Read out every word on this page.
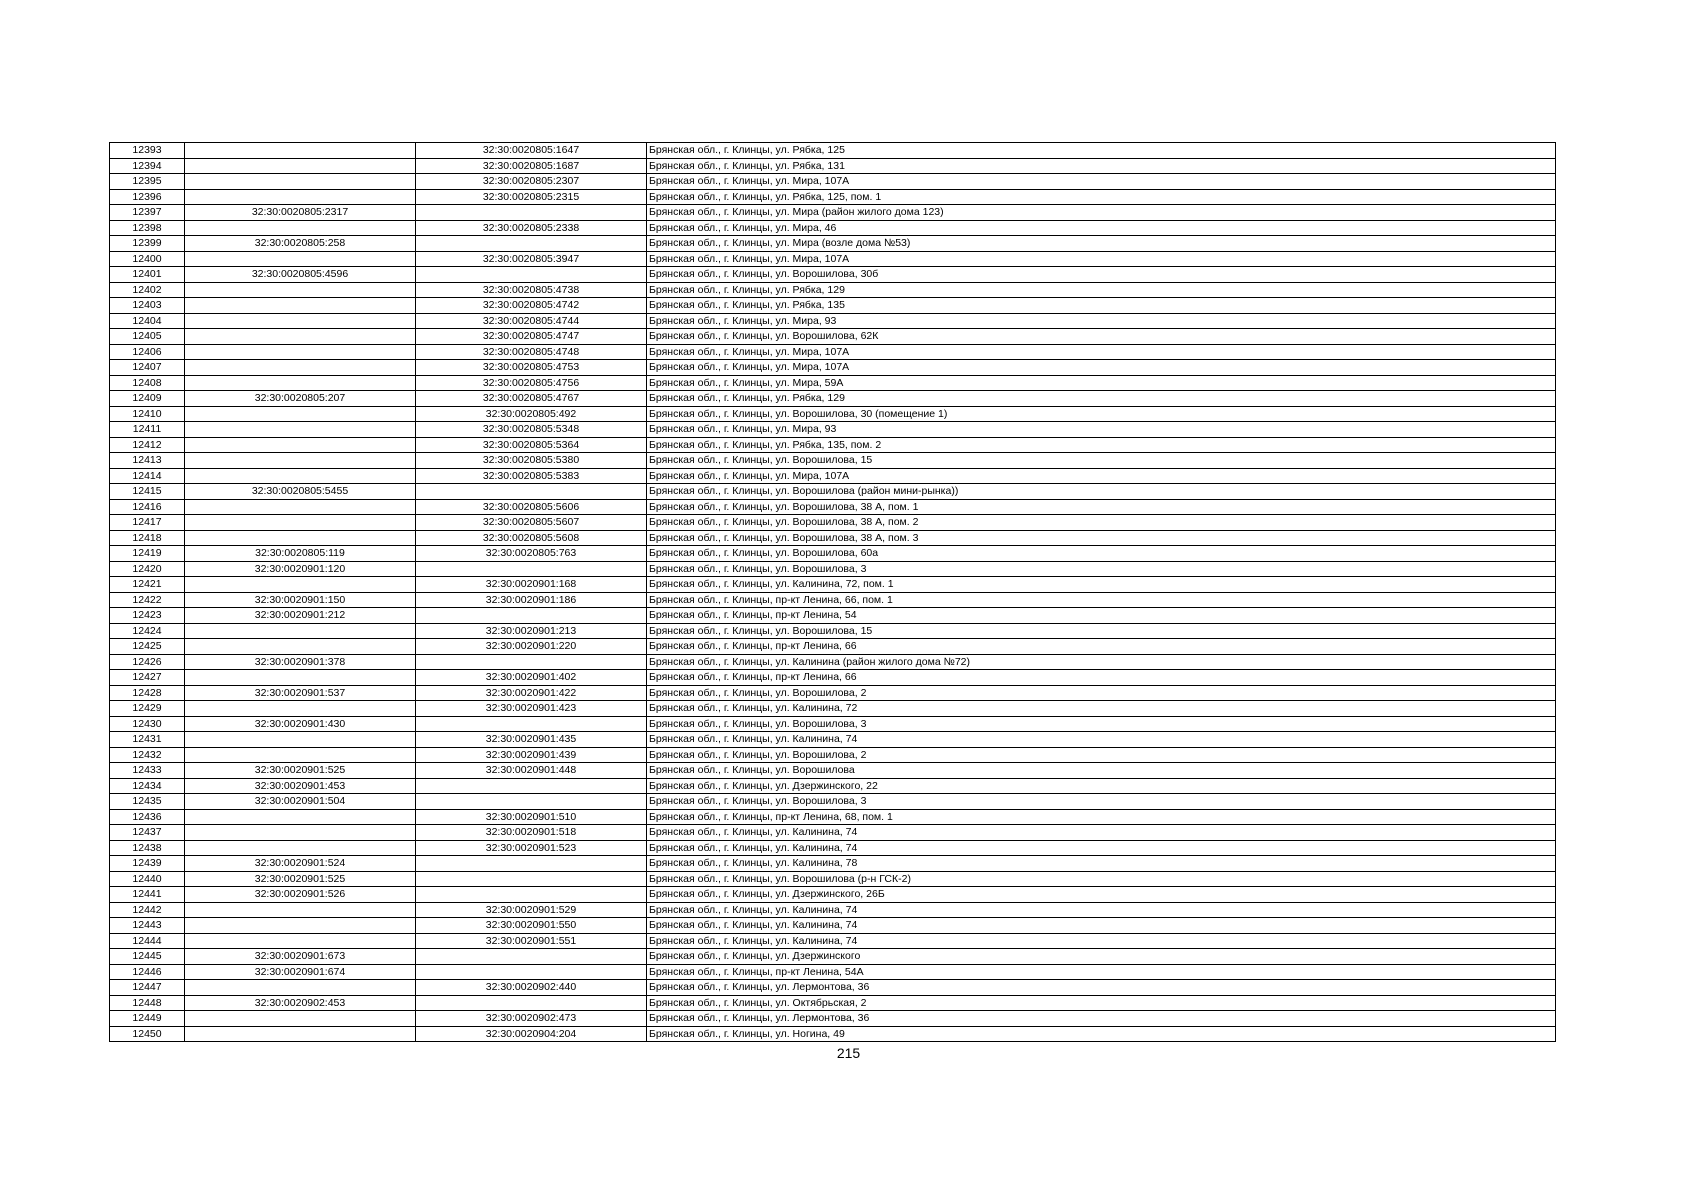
12393		32:30:0020805:1647	Брянская обл., г. Клинцы, ул. Рябка, 125
12394		32:30:0020805:1687	Брянская обл., г. Клинцы, ул. Рябка, 131
12395		32:30:0020805:2307	Брянская обл., г. Клинцы, ул. Мира, 107А
12396		32:30:0020805:2315	Брянская обл., г. Клинцы, ул. Рябка, 125, пом. 1
12397	32:30:0020805:2317		Брянская обл., г. Клинцы, ул. Мира (район жилого дома 123)
12398		32:30:0020805:2338	Брянская обл., г. Клинцы, ул. Мира, 46
12399	32:30:0020805:258		Брянская обл., г. Клинцы, ул. Мира (возле дома №53)
12400		32:30:0020805:3947	Брянская обл., г. Клинцы, ул. Мира, 107А
12401	32:30:0020805:4596		Брянская обл., г. Клинцы, ул. Ворошилова, 30б
12402		32:30:0020805:4738	Брянская обл., г. Клинцы, ул. Рябка, 129
12403		32:30:0020805:4742	Брянская обл., г. Клинцы, ул. Рябка, 135
12404		32:30:0020805:4744	Брянская обл., г. Клинцы, ул. Мира, 93
12405		32:30:0020805:4747	Брянская обл., г. Клинцы, ул. Ворошилова, 62К
12406		32:30:0020805:4748	Брянская обл., г. Клинцы, ул. Мира, 107А
12407		32:30:0020805:4753	Брянская обл., г. Клинцы, ул. Мира, 107А
12408		32:30:0020805:4756	Брянская обл., г. Клинцы, ул. Мира, 59А
12409	32:30:0020805:207	32:30:0020805:4767	Брянская обл., г. Клинцы, ул. Рябка, 129
12410		32:30:0020805:492	Брянская обл., г. Клинцы, ул. Ворошилова, 30 (помещение 1)
12411		32:30:0020805:5348	Брянская обл., г. Клинцы, ул. Мира, 93
12412		32:30:0020805:5364	Брянская обл., г. Клинцы, ул. Рябка, 135, пом. 2
12413		32:30:0020805:5380	Брянская обл., г. Клинцы, ул. Ворошилова, 15
12414		32:30:0020805:5383	Брянская обл., г. Клинцы, ул. Мира, 107А
12415	32:30:0020805:5455		Брянская обл., г. Клинцы, ул. Ворошилова (район мини-рынка))
12416		32:30:0020805:5606	Брянская обл., г. Клинцы, ул. Ворошилова, 38 А, пом. 1
12417		32:30:0020805:5607	Брянская обл., г. Клинцы, ул. Ворошилова, 38 А, пом. 2
12418		32:30:0020805:5608	Брянская обл., г. Клинцы, ул. Ворошилова, 38 А, пом. 3
12419	32:30:0020805:119	32:30:0020805:763	Брянская обл., г. Клинцы, ул. Ворошилова, 60а
12420	32:30:0020901:120		Брянская обл., г. Клинцы, ул. Ворошилова, 3
12421		32:30:0020901:168	Брянская обл., г. Клинцы, ул. Калинина, 72, пом. 1
12422	32:30:0020901:150	32:30:0020901:186	Брянская обл., г. Клинцы, пр-кт Ленина, 66, пом. 1
12423	32:30:0020901:212		Брянская обл., г. Клинцы, пр-кт Ленина, 54
12424		32:30:0020901:213	Брянская обл., г. Клинцы, ул. Ворошилова, 15
12425		32:30:0020901:220	Брянская обл., г. Клинцы, пр-кт Ленина, 66
12426	32:30:0020901:378		Брянская обл., г. Клинцы, ул. Калинина (район жилого дома №72)
12427		32:30:0020901:402	Брянская обл., г. Клинцы, пр-кт Ленина, 66
12428	32:30:0020901:537	32:30:0020901:422	Брянская обл., г. Клинцы, ул. Ворошилова, 2
12429		32:30:0020901:423	Брянская обл., г. Клинцы, ул. Калинина, 72
12430	32:30:0020901:430		Брянская обл., г. Клинцы, ул. Ворошилова, 3
12431		32:30:0020901:435	Брянская обл., г. Клинцы, ул. Калинина, 74
12432		32:30:0020901:439	Брянская обл., г. Клинцы, ул. Ворошилова, 2
12433	32:30:0020901:525	32:30:0020901:448	Брянская обл., г. Клинцы, ул. Ворошилова
12434	32:30:0020901:453		Брянская обл., г. Клинцы, ул. Дзержинского, 22
12435	32:30:0020901:504		Брянская обл., г. Клинцы, ул. Ворошилова, 3
12436		32:30:0020901:510	Брянская обл., г. Клинцы, пр-кт Ленина, 68, пом. 1
12437		32:30:0020901:518	Брянская обл., г. Клинцы, ул. Калинина, 74
12438		32:30:0020901:523	Брянская обл., г. Клинцы, ул. Калинина, 74
12439	32:30:0020901:524		Брянская обл., г. Клинцы, ул. Калинина, 78
12440	32:30:0020901:525		Брянская обл., г. Клинцы, ул. Ворошилова (р-н ГСК-2)
12441	32:30:0020901:526		Брянская обл., г. Клинцы, ул. Дзержинского, 26Б
12442		32:30:0020901:529	Брянская обл., г. Клинцы, ул. Калинина, 74
12443		32:30:0020901:550	Брянская обл., г. Клинцы, ул. Калинина, 74
12444		32:30:0020901:551	Брянская обл., г. Клинцы, ул. Калинина, 74
12445	32:30:0020901:673		Брянская обл., г. Клинцы, ул. Дзержинского
12446	32:30:0020901:674		Брянская обл., г. Клинцы, пр-кт Ленина, 54А
12447		32:30:0020902:440	Брянская обл., г. Клинцы, ул. Лермонтова, 36
12448	32:30:0020902:453		Брянская обл., г. Клинцы, ул. Октябрьская, 2
12449		32:30:0020902:473	Брянская обл., г. Клинцы, ул. Лермонтова, 36
12450		32:30:0020904:204	Брянская обл., г. Клинцы, ул. Ногина, 49
215
